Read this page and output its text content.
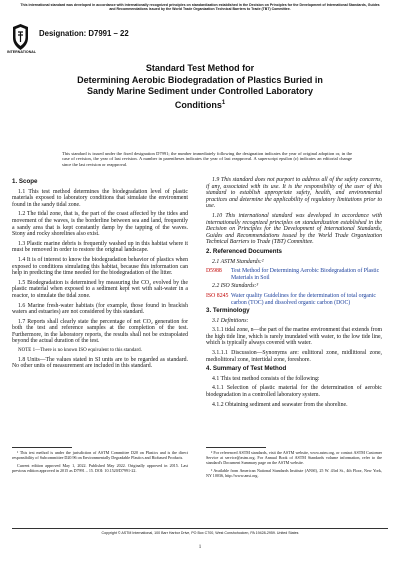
This international standard was developed in accordance with internationally recognized principles on standardization established in the Decision on Principles for the Development of International Standards, Guides and Recommendations issued by the World Trade Organization Technical Barriers to Trade (TBT) Committee.
INTERNATIONAL
Designation: D7991 – 22
Standard Test Method for
Determining Aerobic Biodegradation of Plastics Buried in
Sandy Marine Sediment under Controlled Laboratory
Conditions$^1$
This standard is issued under the fixed designation D7991; the number immediately following the designation indicates the year of original adoption or, in the case of revision, the year of last revision. A number in parentheses indicates the year of last reapproval. A superscript epsilon (ε) indicates an editorial change since the last revision or reapproval.
1. Scope

1.1 This test method determines the biodegradation level of plastic materials exposed to laboratory conditions that simulate the environment found in the sandy tidal zone.

1.2 The tidal zone, that is, the part of the coast affected by the tides and movement of the waves, is the borderline between sea and land, frequently a sandy area that is kept constantly damp by the tapping of the waves. Stony and rocky shorelines also exist.

1.3 Plastic marine debris is frequently washed up in this habitat where it must be removed in order to restore the original landscape.

1.4 It is of interest to know the biodegradation behavior of plastics when exposed to conditions simulating this habitat, because this information can help in predicting the time needed for the biodegradation of the litter.

1.5 Biodegradation is determined by measuring the CO₂ evolved by the plastic material when exposed to a sediment kept wet with salt-water in a reactor, to simulate the tidal zone.

1.6 Marine fresh-water habitats (for example, those found in brackish waters and estuaries) are not considered by this standard.

1.7 Reports shall clearly state the percentage of net CO₂ generation for both the test and reference samples at the completion of the test. Furthermore, in the laboratory reports, the results shall not be extrapolated beyond the actual duration of the test.

NOTE 1—There is no known ISO equivalent to this standard.

1.8 Units—The values stated in SI units are to be regarded as standard. No other units of measurement are included in this standard.

1.9 This standard does not purport to address all of the safety concerns, if any, associated with its use. It is the responsibility of the user of this standard to establish appropriate safety, health, and environmental practices and determine the applicability of regulatory limitations prior to use.

1.10 This international standard was developed in accordance with internationally recognized principles on standardization established in the Decision on Principles for the Development of International Standards, Guides and Recommendations issued by the World Trade Organization Technical Barriers to Trade (TBT) Committee.

2. Referenced Documents

2.1 ASTM Standards:²

D5988	Test Method for Determining Aerobic Biodegradation of Plastic Materials in Soil

2.2 ISO Standards:³

ISO 8245 Water quality Guidelines for the determination of total organic carbon (TOC) and dissolved organic carbon (DOC)
3. Terminology

3.1 Definitions:

3.1.1 tidal zone, n—the part of the marine environment that extends from the high tide line, which is rarely inundated with water, to the low tide line, which is typically always covered with water.

3.1.1.1 Discussion—Synonyms are: eulittoral zone, midlittoral zone, mediolittoral zone, intertidal zone, foreshore.

4. Summary of Test Method

4.1 This test method consists of the following:

4.1.1 Selection of plastic material for the determination of aerobic biodegradation in a controlled laboratory system.

4.1.2 Obtaining sediment and seawater from the shoreline.

¹ This test method is under the jurisdiction of ASTM Committee D20 on Plastics and is the direct responsibility of Subcommittee D20.96 on Environmentally Degradable Plastics and Biobased Products.

Current edition approved May 1, 2022. Published May 2022. Originally approved in 2015. Last previous edition approved in 2015 as D7991 – 15. DOI: 10.1520/D7991-22.

² For referenced ASTM standards, visit the ASTM website, www.astm.org, or contact ASTM Customer Service at service@astm.org. For Annual Book of ASTM Standards volume information, refer to the standard's Document Summary page on the ASTM website.

³ Available from American National Standards Institute (ANSI), 25 W. 43rd St., 4th Floor, New York, NY 10036, http://www.ansi.org.

Copyright © ASTM International, 100 Barr Harbor Drive, PO Box C700, West Conshohocken, PA 19428-2959. United States
1
